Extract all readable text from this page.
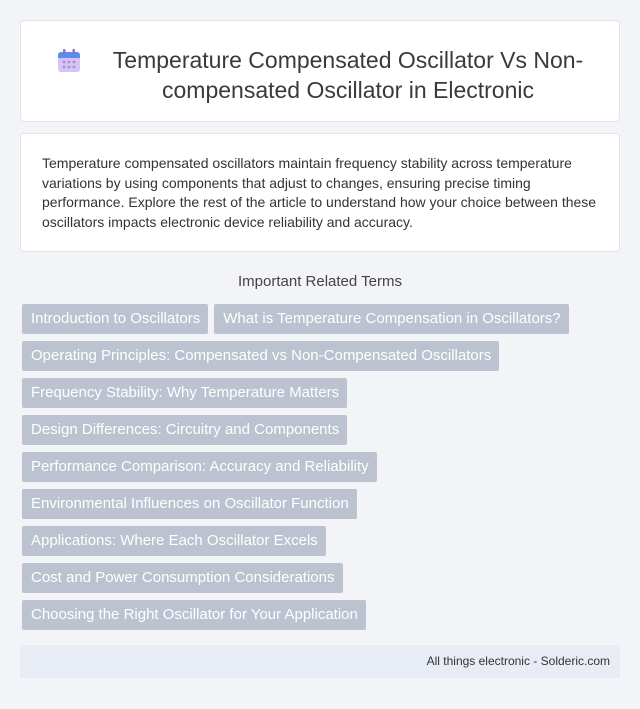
Temperature Compensated Oscillator Vs Non-compensated Oscillator in Electronic

Temperature compensated oscillators maintain frequency stability across temperature variations by using components that adjust to changes, ensuring precise timing performance. Explore the rest of the article to understand how your choice between these oscillators impacts electronic device reliability and accuracy.

Important Related Terms
Introduction to Oscillators	What is Temperature Compensation in Oscillators?
Operating Principles: Compensated vs Non-Compensated Oscillators
Frequency Stability: Why Temperature Matters
Design Differences: Circuitry and Components
Performance Comparison: Accuracy and Reliability
Environmental Influences on Oscillator Function
Applications: Where Each Oscillator Excels
Cost and Power Consumption Considerations
Choosing the Right Oscillator for Your Application
All things electronic - Solderic.com
